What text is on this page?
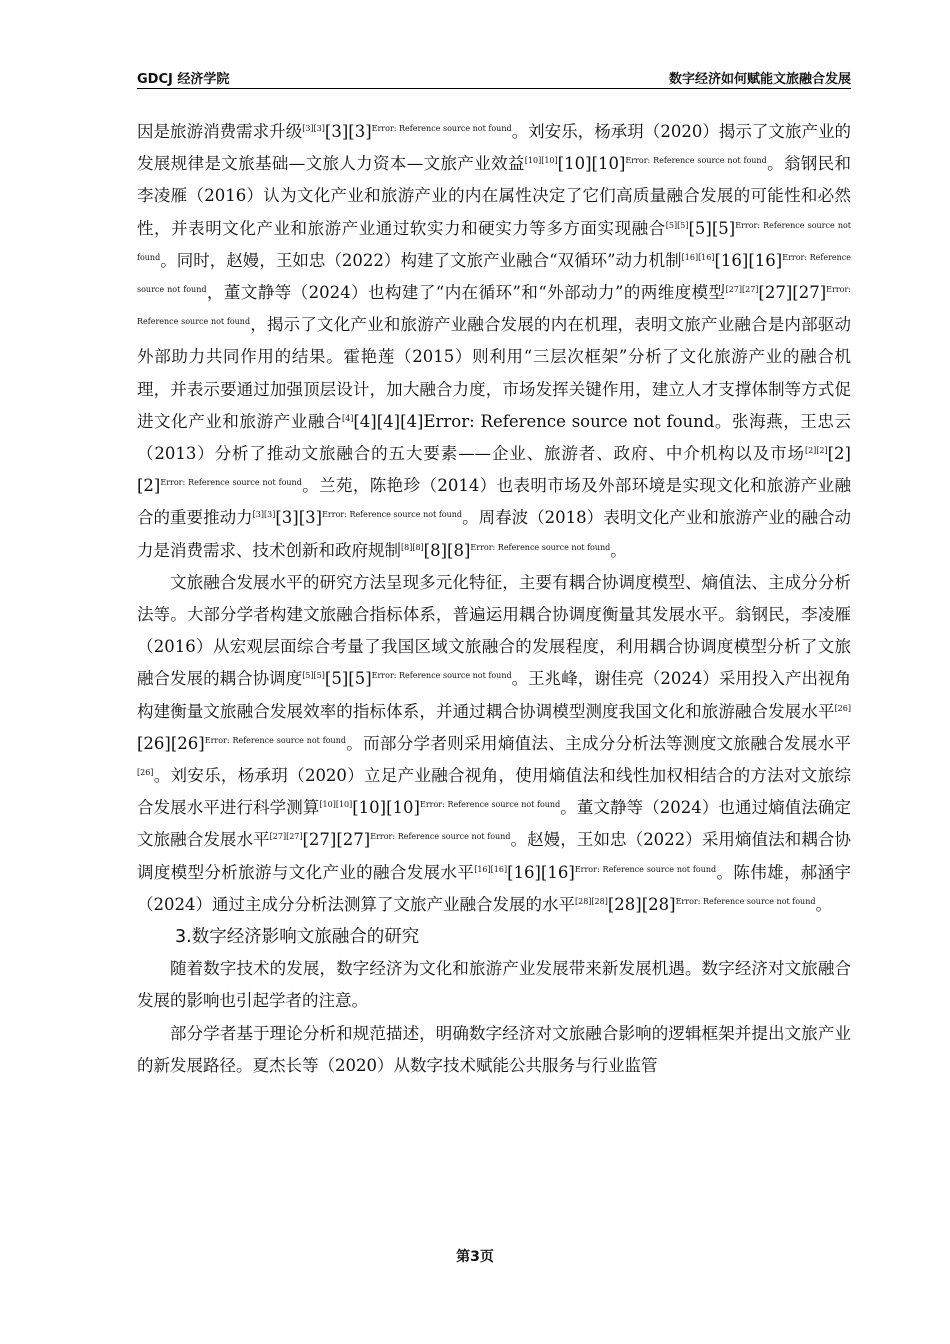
GDCJ 经济学院	数字经济如何赋能文旅融合发展

因是旅游消费需求升级$[3][3][3][3]^{Error: Reference source not found}$。刘安乐，杨承玥（2020）揭示了文旅产业的发展规律是文旅基础—文旅人力资本—文旅产业效益$[10][10][10][10]^{Error: Reference source not found}$。翁钢民和李凌雁（2016）认为文化产业和旅游产业的内在属性决定了它们高质量融合发展的可能性和必然性，并表明文化产业和旅游产业通过软实力和硬实力等多方面实现融合$[5][5][5][5]^{Error: Reference source not found}$。同时，赵嫚，王如忠（2022）构建了文旅产业融合“双循环”动力机制$[16][16][16][16]^{Error: Reference source not found}$，董文静等（2024）也构建了“内在循环”和“外部动力”的两维度模型$[27][27][27][27]^{Error: Reference source not found}$，揭示了文化产业和旅游产业融合发展的内在机理，表明文旅产业融合是内部驱动外部助力共同作用的结果。霍艳莲（2015）则利用“三层次框架”分析了文化旅游产业的融合机理，并表示要通过加强顶层设计，加大融合力度，市场发挥关键作用，建立人才支撑体制等方式促进文化产业和旅游产业融合[4][4][4][4]Error: Reference source not found。张海燕，王忠云（2013）分析了推动文旅融合的五大要素——企业、旅游者、政府、中介机构以及市场$[2][2][2][2]^{Error: Reference source not found}$。兰苑，陈艳珍（2014）也表明市场及外部环境是实现文化和旅游产业融合的重要推动力$[3][3][3][3]^{Error: Reference source not found}$。周春波（2018）表明文化产业和旅游产业的融合动力是消费需求、技术创新和政府规制$[8][8][8][8]^{Error: Reference source not found}$。

文旅融合发展水平的研究方法呈现多元化特征，主要有耦合协调度模型、熵值法、主成分分析法等。大部分学者构建文旅融合指标体系，普遍运用耦合协调度衡量其发展水平。翁钢民，李凌雁（2016）从宏观层面综合考量了我国区域文旅融合的发展程度，利用耦合协调度模型分析了文旅融合发展的耦合协调度$[5][5][5][5]^{Error: Reference source not found}$。王兆峰，谢佳亮（2024）采用投入产出视角构建衡量文旅融合发展效率的指标体系，并通过耦合协调模型测度我国文化和旅游融合发展水平$[26][26][26]^{Error: Reference source not found}$。而部分学者则采用熵值法、主成分分析法等测度文旅融合发展水平[26]。刘安乐，杨承玥（2020）立足产业融合视角，使用熵值法和线性加权相结合的方法对文旅综合发展水平进行科学测算$[10][10][10][10]^{Error: Reference source not found}$。董文静等（2024）也通过熵值法确定文旅融合发展水平$[27][27][27][27]^{Error: Reference source not found}$。赵嫚，王如忠（2022）采用熵值法和耦合协调度模型分析旅游与文化产业的融合发展水平$[16][16][16][16]^{Error: Reference source not found}$。陈伟雄，郝涵宇（2024）通过主成分分析法测算了文旅产业融合发展的水平$[28][28][28][28]^{Error: Reference source not found}$。

3.数字经济影响文旅融合的研究

随着数字技术的发展，数字经济为文化和旅游产业发展带来新发展机遇。数字经济对文旅融合发展的影响也引起学者的注意。

部分学者基于理论分析和规范描述，明确数字经济对文旅融合影响的逻辑框架并提出文旅产业的新发展路径。夏杰长等（2020）从数字技术赋能公共服务与行业监管

第3页
